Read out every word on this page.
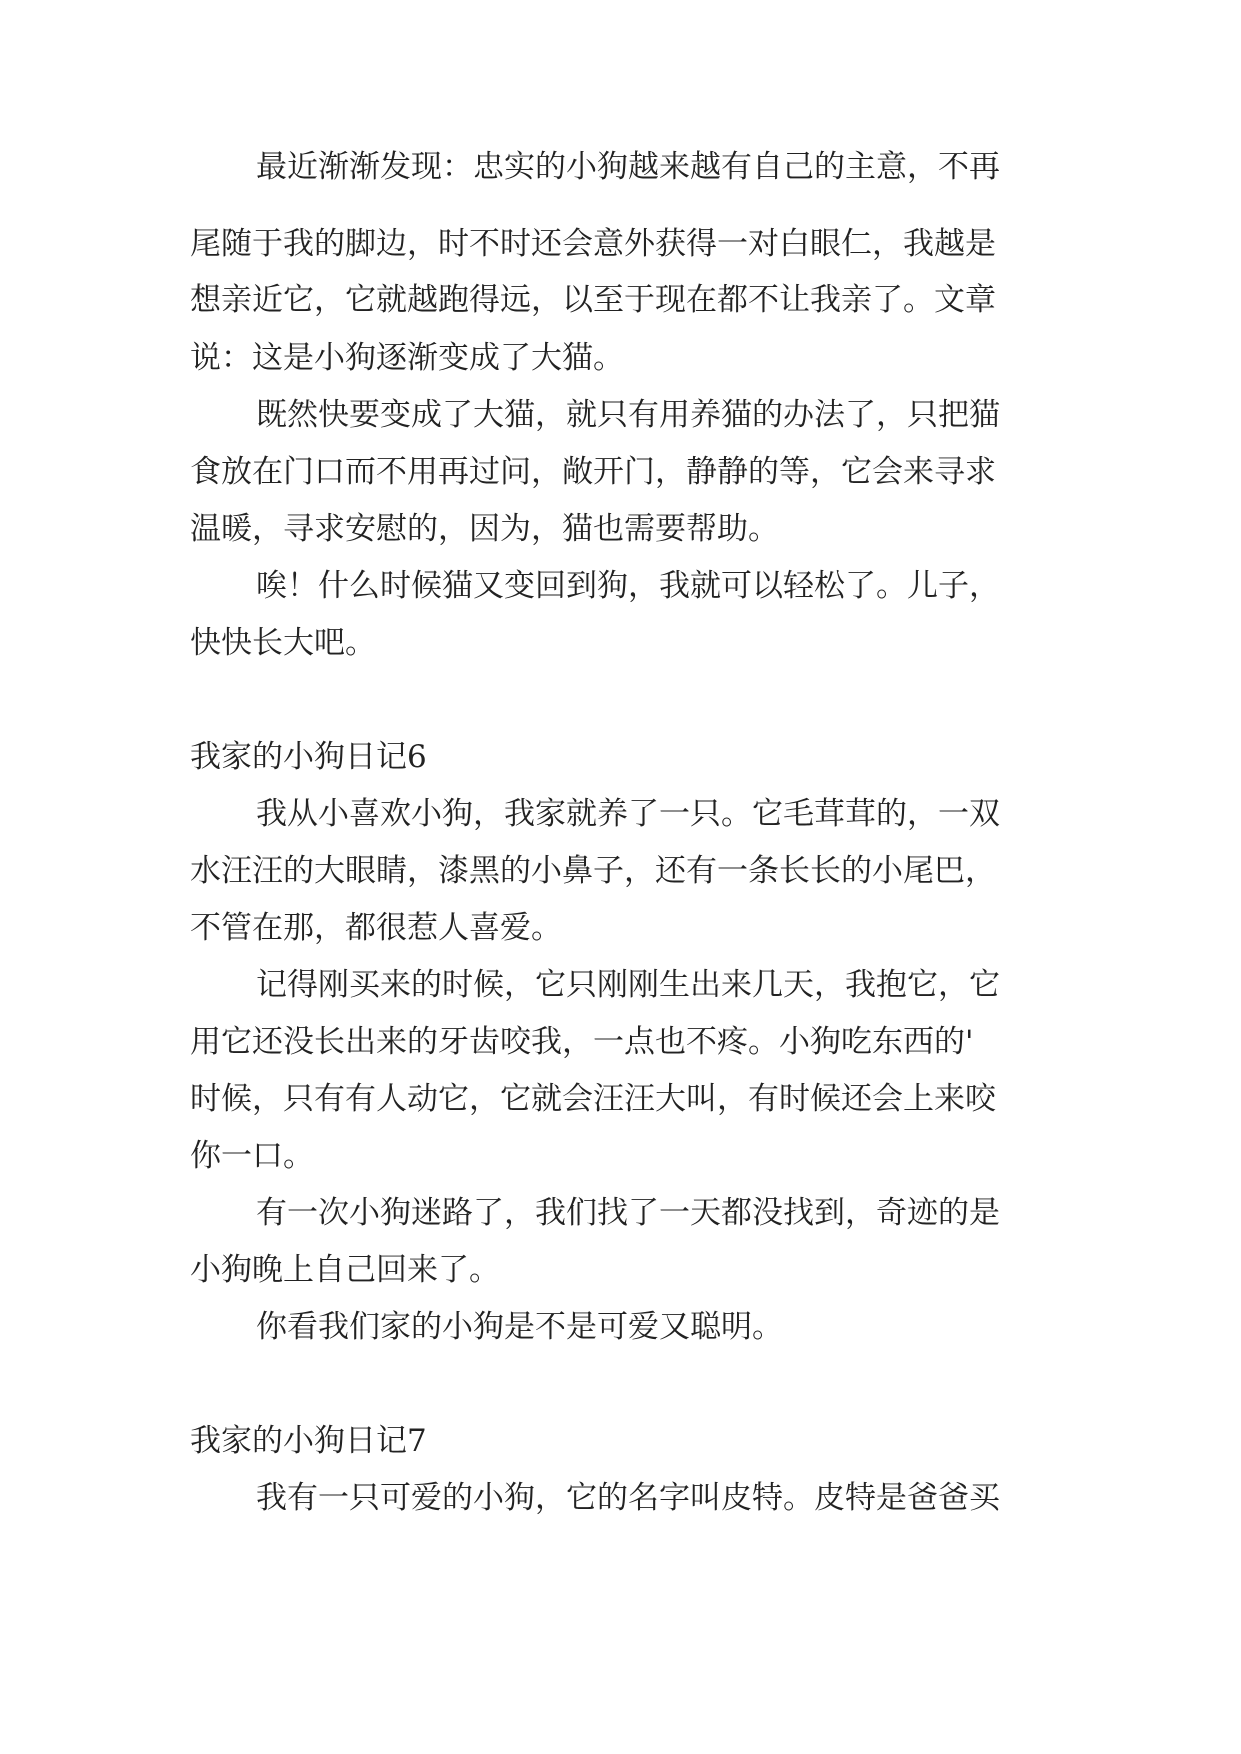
最近渐渐发现：忠实的小狗越来越有自己的主意，不再
尾随于我的脚边，时不时还会意外获得一对白眼仁，我越是
想亲近它，它就越跑得远，以至于现在都不让我亲了。文章
说：这是小狗逐渐变成了大猫。
既然快要变成了大猫，就只有用养猫的办法了，只把猫
食放在门口而不用再过问，敞开门，静静的等，它会来寻求
温暖，寻求安慰的，因为，猫也需要帮助。
唉！什么时候猫又变回到狗，我就可以轻松了。儿子，
快快长大吧。
我家的小狗日记6
我从小喜欢小狗，我家就养了一只。它毛茸茸的，一双
水汪汪的大眼睛，漆黑的小鼻子，还有一条长长的小尾巴，
不管在那，都很惹人喜爱。
记得刚买来的时候，它只刚刚生出来几天，我抱它，它
用它还没长出来的牙齿咬我，一点也不疼。小狗吃东西的'
时候，只有有人动它，它就会汪汪大叫，有时候还会上来咬
你一口。
有一次小狗迷路了，我们找了一天都没找到，奇迹的是
小狗晚上自己回来了。
你看我们家的小狗是不是可爱又聪明。
我家的小狗日记7
我有一只可爱的小狗，它的名字叫皮特。皮特是爸爸买
